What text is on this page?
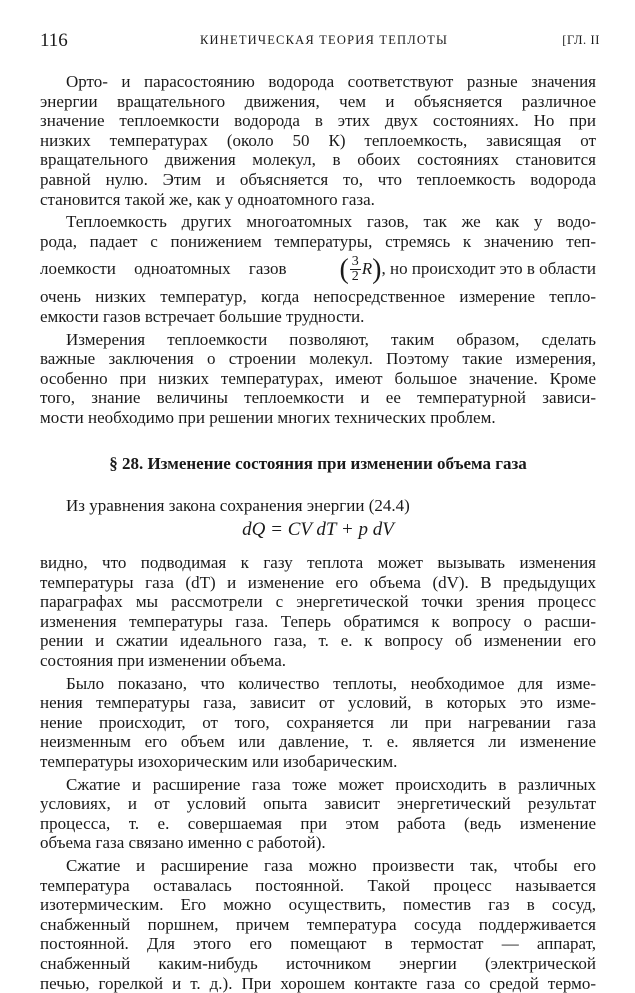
116	КИНЕТИЧЕСКАЯ ТЕОРИЯ ТЕПЛОТЫ	[ГЛ. II

Орто- и парасостоянию водорода соответствуют разные значения

энергии вращательного движения, чем и объясняется различное

значение теплоемкости водорода в этих двух состояниях. Но при

низких температурах (около 50 К) теплоемкость, зависящая от

вращательного движения молекул, в обоих состояниях становится

равной нулю. Этим и объясняется то, что теплоемкость водорода

становится такой же, как у одноатомного газа.

Теплоемкость других многоатомных газов, так же как у водо-

рода, падает с понижением температуры, стремясь к значению теп-

лоемкости одноатомных газов ( $\frac{3}{2}$ R ) , но происходит это в области

очень низких температур, когда непосредственное измерение тепло-

емкости газов встречает большие трудности.

Измерения теплоемкости позволяют, таким образом, сделать

важные заключения о строении молекул. Поэтому такие измерения,

особенно при низких температурах, имеют большое значение. Кроме

того, знание величины теплоемкости и ее температурной зависи-

мости необходимо при решении многих технических проблем.

§ 28. Изменение состояния при изменении объема газа

Из уравнения закона сохранения энергии (24.4)

dQ = CV dT + p dV

видно, что подводимая к газу теплота может вызывать изменения

температуры газа (dT) и изменение его объема (dV). В предыдущих

параграфах мы рассмотрели с энергетической точки зрения процесс

изменения температуры газа. Теперь обратимся к вопросу о расши-

рении и сжатии идеального газа, т. е. к вопросу об изменении его

состояния при изменении объема.

Было показано, что количество теплоты, необходимое для изме-

нения температуры газа, зависит от условий, в которых это изме-

нение происходит, от того, сохраняется ли при нагревании газа

неизменным его объем или давление, т. е. является ли изменение

температуры изохорическим или изобарическим.

Сжатие и расширение газа тоже может происходить в различных

условиях, и от условий опыта зависит энергетический результат

процесса, т. е. совершаемая при этом работа (ведь изменение

объема газа связано именно с работой).

Сжатие и расширение газа можно произвести так, чтобы его

температура оставалась постоянной. Такой процесс называется

изотермическим. Его можно осуществить, поместив газ в сосуд,

снабженный поршнем, причем температура сосуда поддерживается

постоянной. Для этого его помещают в термостат — аппарат,

снабженный каким-нибудь источником энергии (электрической

печью, горелкой и т. д.). При хорошем контакте газа со средой термо-
